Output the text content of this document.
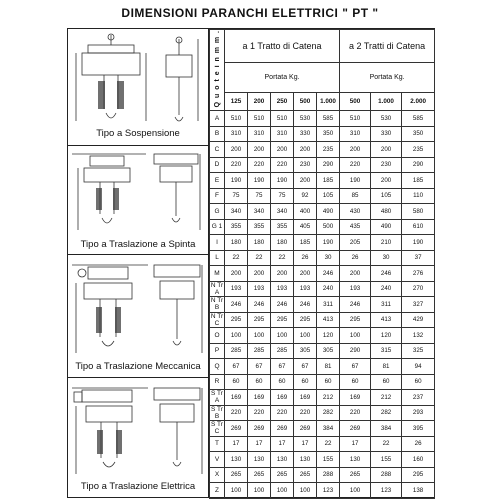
DIMENSIONI PARANCHI ELETTRICI " PT "
Tipo a Sospensione
Tipo a Traslazione a Spinta
Tipo a Traslazione Meccanica
Tipo a Traslazione Elettrica
Q u o t e i n m m .	a 1 Tratto di Catena					a 2 Tratti di Catena		
	Portata Kg.					Portata Kg.		
	125	200	250	500	1.000	500	1.000	2.000
A	510	510	510	530	585	510	530	585
B	310	310	310	330	350	310	330	350
C	200	200	200	200	235	200	200	235
D	220	220	220	230	290	220	230	290
E	190	190	190	200	185	190	200	185
F	75	75	75	92	105	85	105	110
G	340	340	340	400	490	430	480	580
G 1	355	355	355	405	500	435	490	610
I	180	180	180	185	190	205	210	190
L	22	22	22	26	30	26	30	37
M	200	200	200	200	246	200	246	276
N Tr A	193	193	193	193	240	193	240	270
N Tr B	246	246	246	246	311	246	311	327
N Tr C	295	295	295	295	413	295	413	429
O	100	100	100	100	120	100	120	132
P	285	285	285	305	305	290	315	325
Q	67	67	67	67	81	67	81	94
R	60	60	60	60	60	60	60	60
S Tr A	169	169	169	169	212	169	212	237
S Tr B	220	220	220	220	282	220	282	293
S Tr C	269	269	269	269	384	269	384	395
T	17	17	17	17	22	17	22	26
V	130	130	130	130	155	130	155	160
X	265	265	265	265	288	265	288	295
Z	100	100	100	100	123	100	123	138
